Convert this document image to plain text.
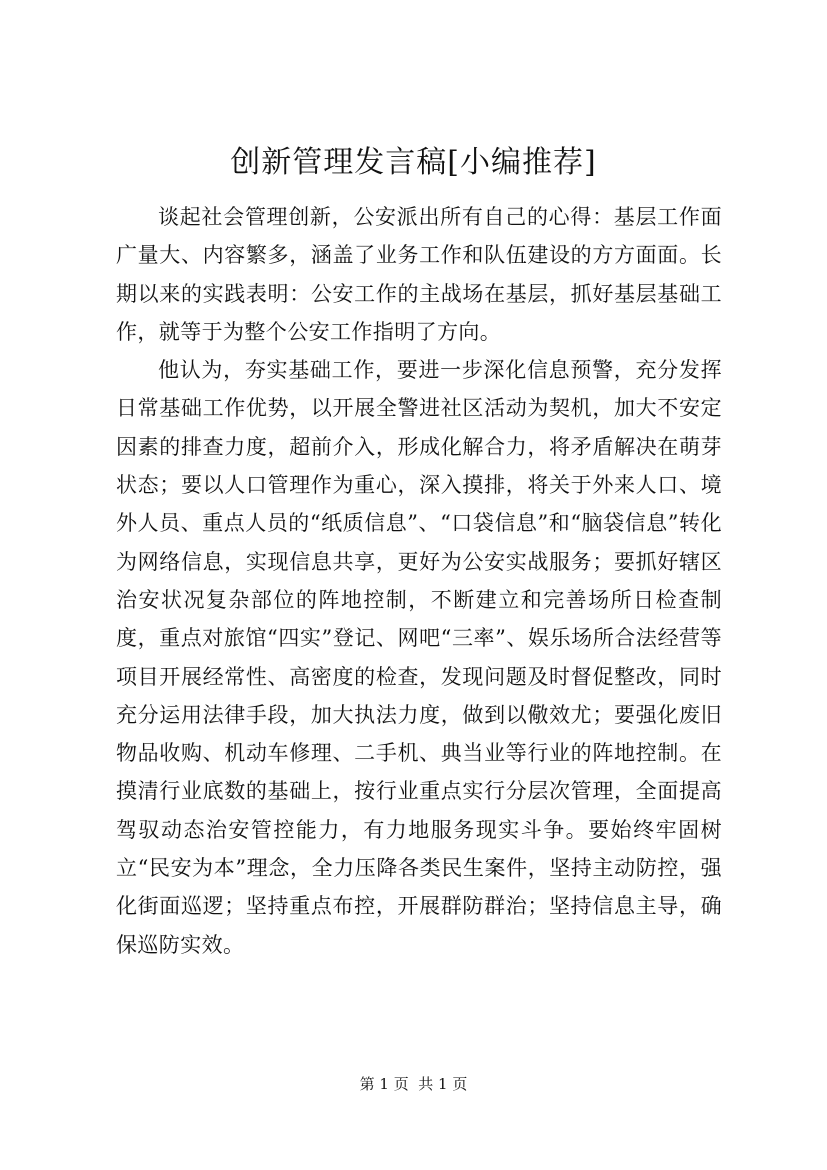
创新管理发言稿[小编推荐]

谈起社会管理创新，公安派出所有自己的心得：基层工作面广量大、内容繁多，涵盖了业务工作和队伍建设的方方面面。长期以来的实践表明：公安工作的主战场在基层，抓好基层基础工作，就等于为整个公安工作指明了方向。

他认为，夯实基础工作，要进一步深化信息预警，充分发挥日常基础工作优势，以开展全警进社区活动为契机，加大不安定因素的排查力度，超前介入，形成化解合力，将矛盾解决在萌芽状态；要以人口管理作为重心，深入摸排，将关于外来人口、境外人员、重点人员的“纸质信息”、“口袋信息”和“脑袋信息”转化为网络信息，实现信息共享，更好为公安实战服务；要抓好辖区治安状况复杂部位的阵地控制，不断建立和完善场所日检查制度，重点对旅馆“四实”登记、网吧“三率”、娱乐场所合法经营等项目开展经常性、高密度的检查，发现问题及时督促整改，同时充分运用法律手段，加大执法力度，做到以儆效尤；要强化废旧物品收购、机动车修理、二手机、典当业等行业的阵地控制。在摸清行业底数的基础上，按行业重点实行分层次管理，全面提高驾驭动态治安管控能力，有力地服务现实斗争。要始终牢固树立“民安为本”理念，全力压降各类民生案件，坚持主动防控，强化街面巡逻；坚持重点布控，开展群防群治；坚持信息主导，确保巡防实效。

第 1 页  共 1 页
